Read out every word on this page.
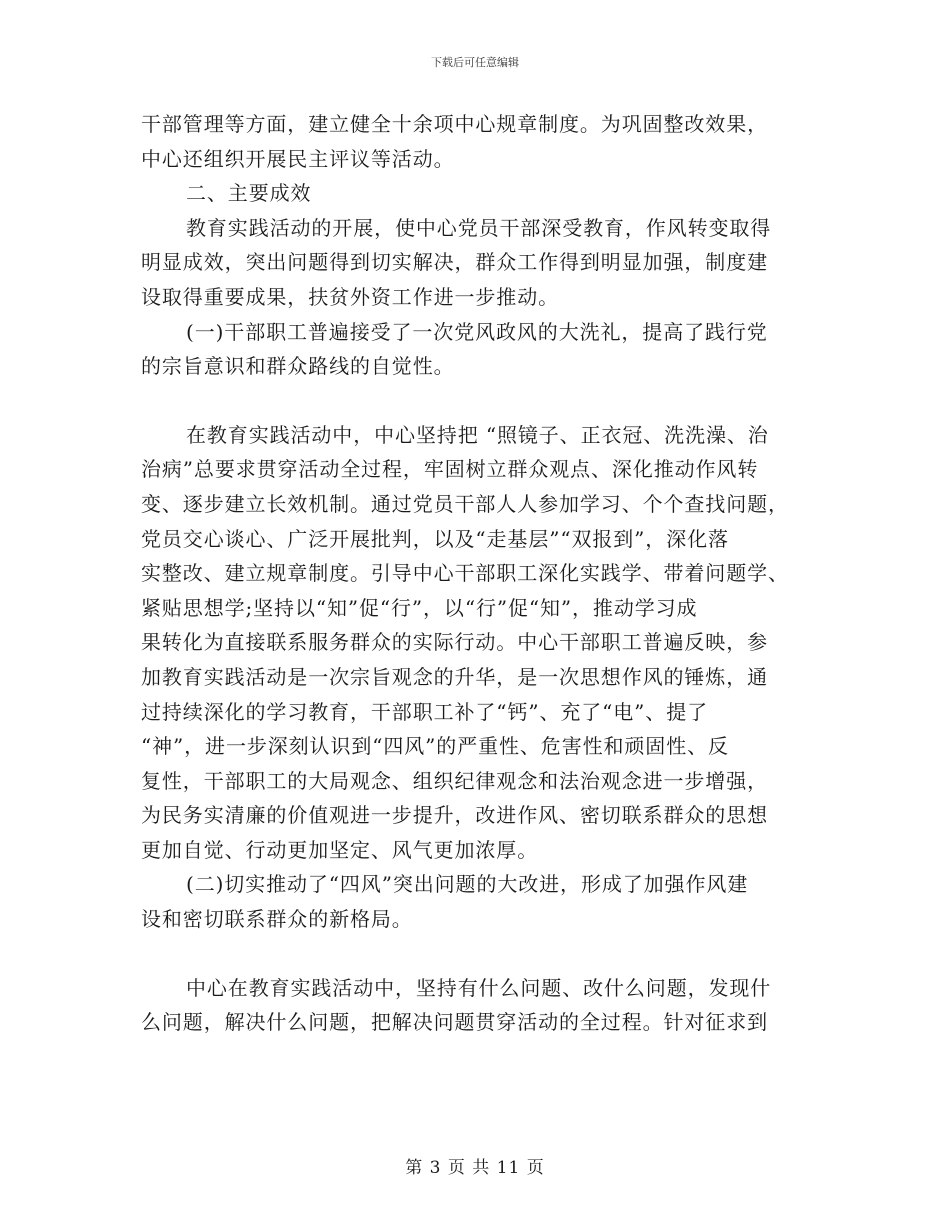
下载后可任意编辑
干部管理等方面，建立健全十余项中心规章制度。为巩固整改效果，
中心还组织开展民主评议等活动。
二、主要成效
教育实践活动的开展，使中心党员干部深受教育，作风转变取得
明显成效，突出问题得到切实解决，群众工作得到明显加强，制度建
设取得重要成果，扶贫外资工作进一步推动。
(一)干部职工普遍接受了一次党风政风的大洗礼，提高了践行党
的宗旨意识和群众路线的自觉性。
在教育实践活动中，中心坚持把 “照镜子、正衣冠、洗洗澡、治
治病”总要求贯穿活动全过程，牢固树立群众观点、深化推动作风转
变、逐步建立长效机制。通过党员干部人人参加学习、个个查找问题，
党员交心谈心、广泛开展批判，以及“走基层”“双报到”，深化落
实整改、建立规章制度。引导中心干部职工深化实践学、带着问题学、
紧贴思想学;坚持以“知”促“行”，以“行”促“知”，推动学习成
果转化为直接联系服务群众的实际行动。中心干部职工普遍反映，参
加教育实践活动是一次宗旨观念的升华，是一次思想作风的锤炼，通
过持续深化的学习教育，干部职工补了“钙”、充了“电”、提了
“神”，进一步深刻认识到“四风”的严重性、危害性和顽固性、反
复性，干部职工的大局观念、组织纪律观念和法治观念进一步增强，
为民务实清廉的价值观进一步提升，改进作风、密切联系群众的思想
更加自觉、行动更加坚定、风气更加浓厚。
(二)切实推动了“四风”突出问题的大改进，形成了加强作风建
设和密切联系群众的新格局。
中心在教育实践活动中，坚持有什么问题、改什么问题，发现什
么问题，解决什么问题，把解决问题贯穿活动的全过程。针对征求到
第 3 页 共 11 页
